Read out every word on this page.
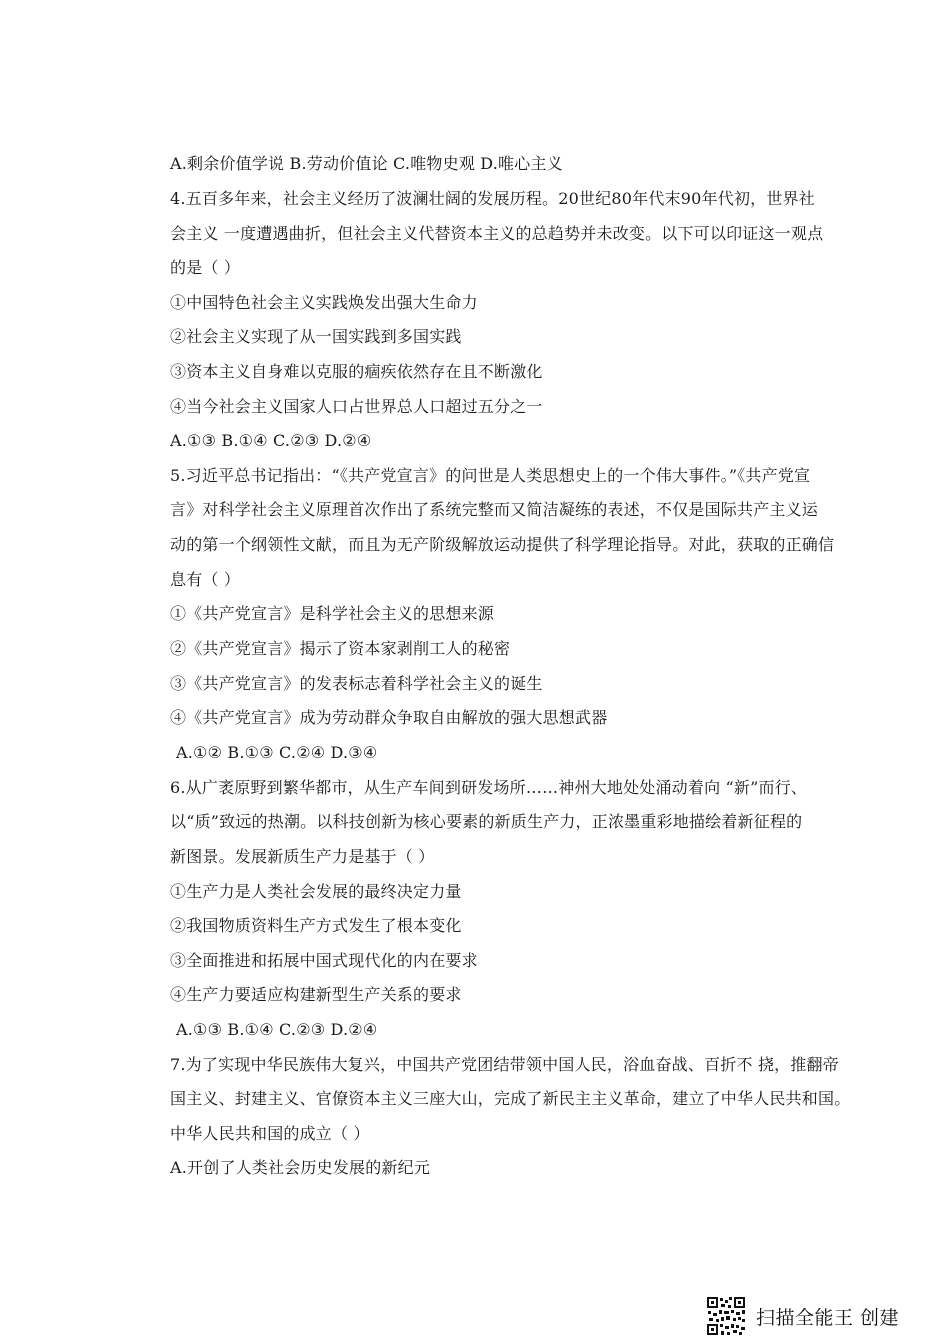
A.剩余价值学说 B.劳动价值论 C.唯物史观 D.唯心主义
4.五百多年来，社会主义经历了波澜壮阔的发展历程。20世纪80年代末90年代初，世界社
会主义 一度遭遇曲折，但社会主义代替资本主义的总趋势并未改变。以下可以印证这一观点
的是（ ）
①中国特色社会主义实践焕发出强大生命力
②社会主义实现了从一国实践到多国实践
③资本主义自身难以克服的痼疾依然存在且不断激化
④当今社会主义国家人口占世界总人口超过五分之一
A.①③ B.①④ C.②③ D.②④
5.习近平总书记指出：“《共产党宣言》的问世是人类思想史上的一个伟大事件。”《共产党宣
言》对科学社会主义原理首次作出了系统完整而又简洁凝练的表述，不仅是国际共产主义运
动的第一个纲领性文献，而且为无产阶级解放运动提供了科学理论指导。对此，获取的正确信
息有（ ）
①《共产党宣言》是科学社会主义的思想来源
②《共产党宣言》揭示了资本家剥削工人的秘密
③《共产党宣言》的发表标志着科学社会主义的诞生
④《共产党宣言》成为劳动群众争取自由解放的强大思想武器
A.①② B.①③ C.②④ D.③④
6.从广袤原野到繁华都市，从生产车间到研发场所……神州大地处处涌动着向 “新”而行、
以“质”致远的热潮。以科技创新为核心要素的新质生产力，正浓墨重彩地描绘着新征程的
新图景。发展新质生产力是基于（ ）
①生产力是人类社会发展的最终决定力量
②我国物质资料生产方式发生了根本变化
③全面推进和拓展中国式现代化的内在要求
④生产力要适应构建新型生产关系的要求
A.①③ B.①④ C.②③ D.②④
7.为了实现中华民族伟大复兴，中国共产党团结带领中国人民，浴血奋战、百折不 挠，推翻帝
国主义、封建主义、官僚资本主义三座大山，完成了新民主主义革命，建立了中华人民共和国。
中华人民共和国的成立（ ）
A.开创了人类社会历史发展的新纪元
扫描全能王 创建
